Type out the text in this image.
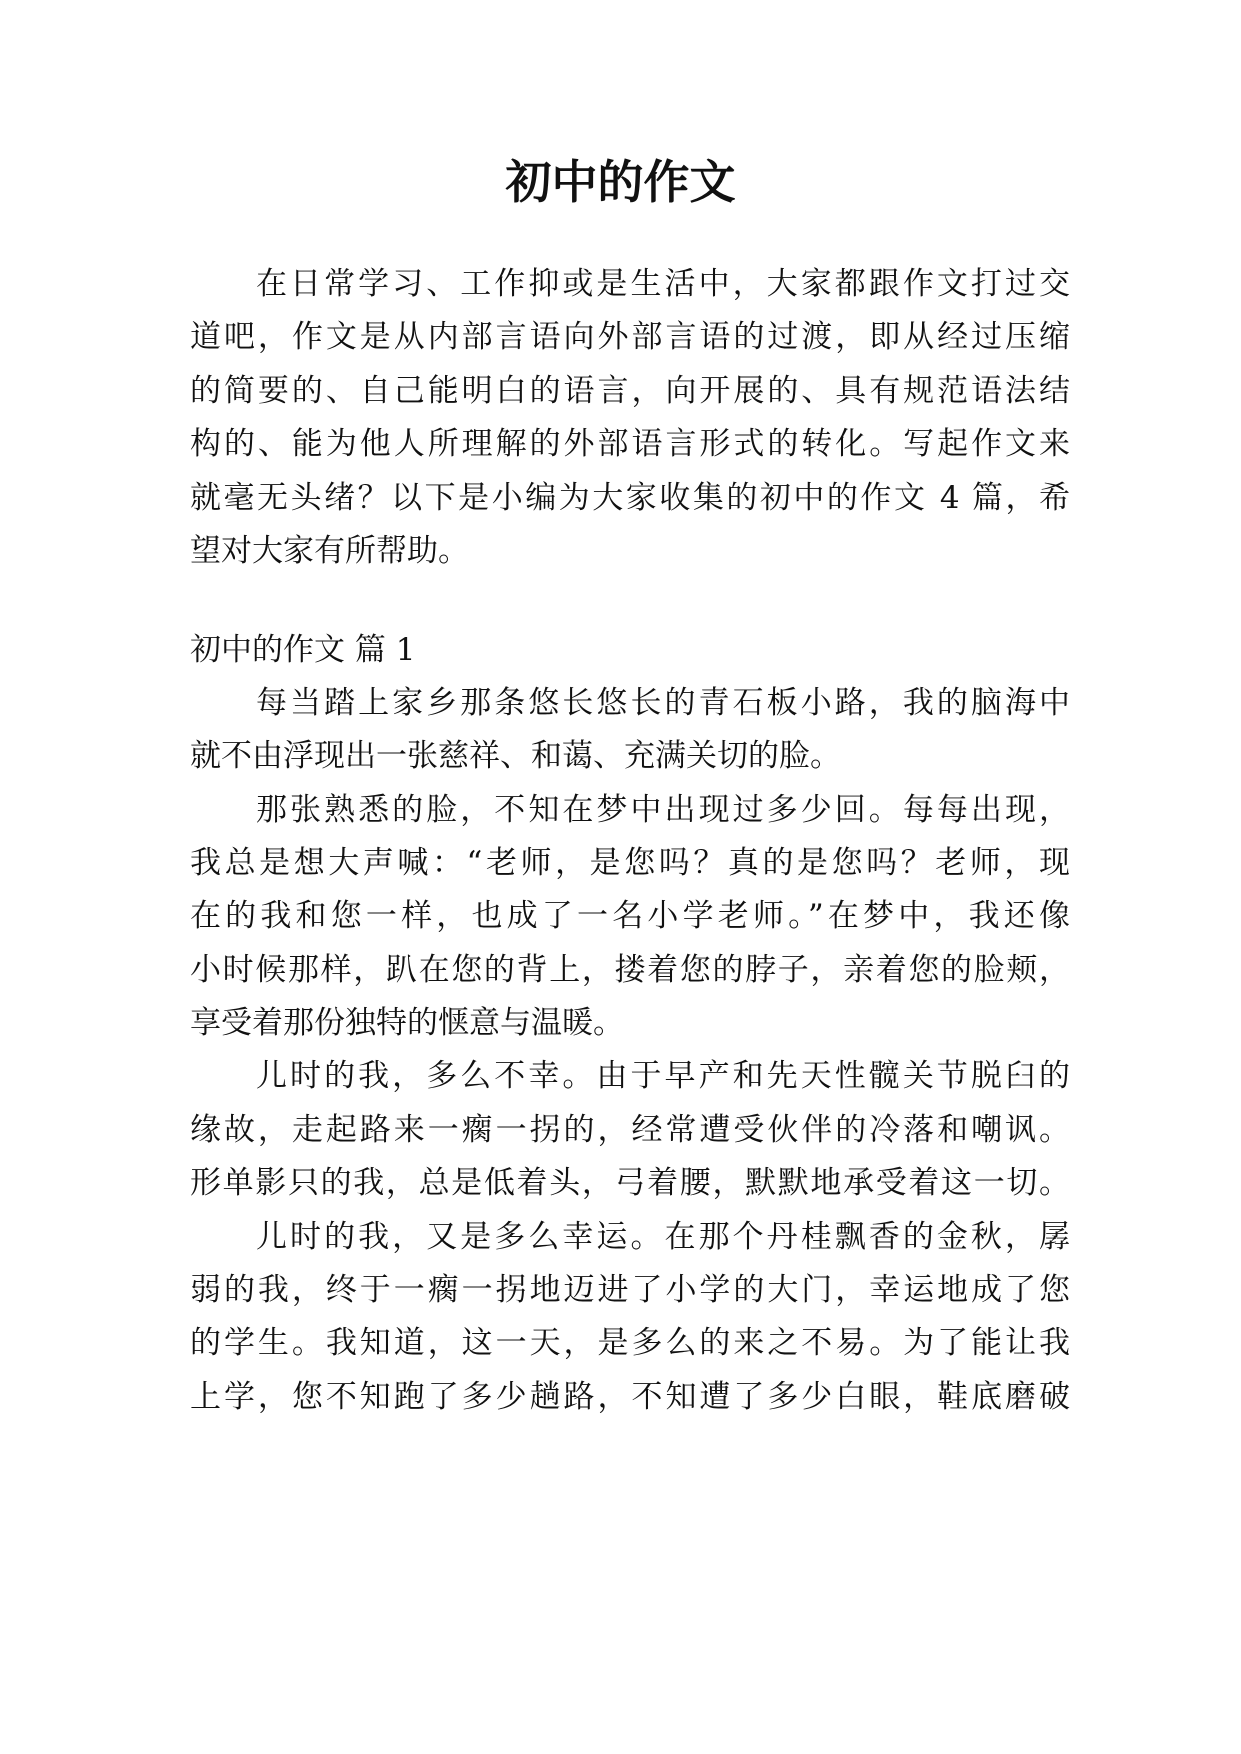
初中的作文

在日常学习、工作抑或是生活中，大家都跟作文打过交

道吧，作文是从内部言语向外部言语的过渡，即从经过压缩

的简要的、自己能明白的语言，向开展的、具有规范语法结

构的、能为他人所理解的外部语言形式的转化。写起作文来

就毫无头绪？以下是小编为大家收集的初中的作文 4 篇，希

望对大家有所帮助。

初中的作文 篇 1

每当踏上家乡那条悠长悠长的青石板小路，我的脑海中

就不由浮现出一张慈祥、和蔼、充满关切的脸。

那张熟悉的脸，不知在梦中出现过多少回。每每出现，

我总是想大声喊：“老师，是您吗？真的是您吗？老师，现

在的我和您一样，也成了一名小学老师。”在梦中，我还像

小时候那样，趴在您的背上，搂着您的脖子，亲着您的脸颊，

享受着那份独特的惬意与温暖。

儿时的我，多么不幸。由于早产和先天性髋关节脱臼的

缘故，走起路来一瘸一拐的，经常遭受伙伴的冷落和嘲讽。

形单影只的我，总是低着头，弓着腰，默默地承受着这一切。

儿时的我，又是多么幸运。在那个丹桂飘香的金秋，孱

弱的我，终于一瘸一拐地迈进了小学的大门，幸运地成了您

的学生。我知道，这一天，是多么的来之不易。为了能让我

上学，您不知跑了多少趟路，不知遭了多少白眼，鞋底磨破
